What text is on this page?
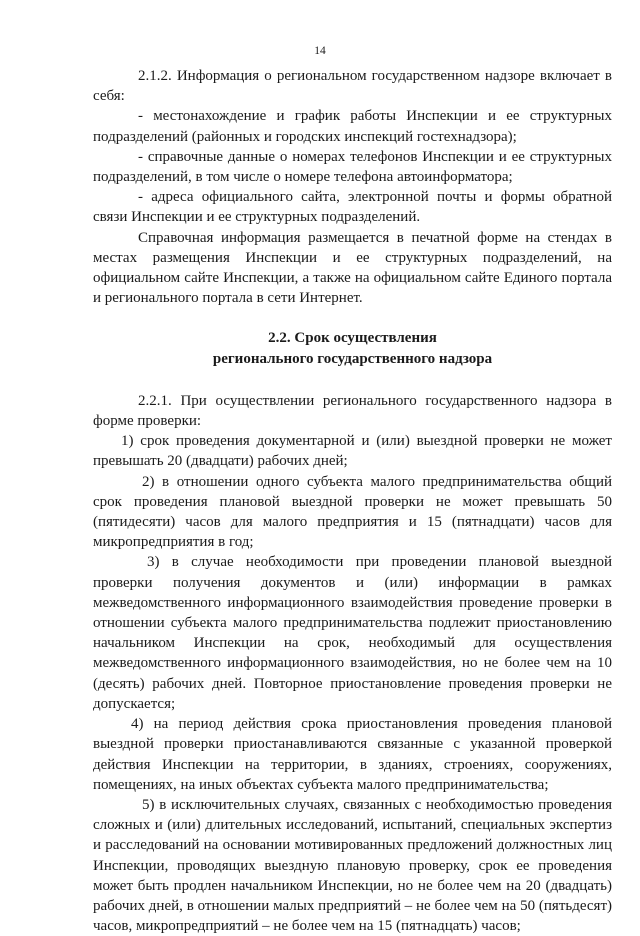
14

2.1.2. Информация о региональном государственном надзоре включает в себя:

- местонахождение и график работы Инспекции и ее структурных подразделений (районных и городских инспекций гостехнадзора);

- справочные данные о номерах телефонов Инспекции и ее структурных подразделений, в том числе о номере телефона автоинформатора;

- адреса официального сайта, электронной почты и формы обратной связи Инспекции и ее структурных подразделений.

Справочная информация размещается в печатной форме на стендах в местах размещения Инспекции и ее структурных подразделений, на официальном сайте Инспекции, а также на официальном сайте Единого портала и регионального портала в сети Интернет.

2.2. Срок осуществления
регионального государственного надзора

2.2.1. При осуществлении регионального государственного надзора в форме проверки:

1) срок проведения документарной и (или) выездной проверки не может превышать 20 (двадцати) рабочих дней;

2) в отношении одного субъекта малого предпринимательства общий срок проведения плановой выездной проверки не может превышать 50 (пятидесяти) часов для малого предприятия и 15 (пятнадцати) часов для микропредприятия в год;

3) в случае необходимости при проведении плановой выездной проверки получения документов и (или) информации в рамках межведомственного информационного взаимодействия проведение проверки в отношении субъекта малого предпринимательства подлежит приостановлению начальником Инспекции на срок, необходимый для осуществления межведомственного информационного взаимодействия, но не более чем на 10 (десять) рабочих дней. Повторное приостановление проведения проверки не допускается;

4) на период действия срока приостановления проведения плановой выездной проверки приостанавливаются связанные с указанной проверкой действия Инспекции на территории, в зданиях, строениях, сооружениях, помещениях, на иных объектах субъекта малого предпринимательства;

5) в исключительных случаях, связанных с необходимостью проведения сложных и (или) длительных исследований, испытаний, специальных экспертиз и расследований на основании мотивированных предложений должностных лиц Инспекции, проводящих выездную плановую проверку, срок ее проведения может быть продлен начальником Инспекции, но не более чем на 20 (двадцать) рабочих дней, в отношении малых предприятий – не более чем на 50 (пятьдесят) часов, микропредприятий – не более чем на 15 (пятнадцать) часов;
